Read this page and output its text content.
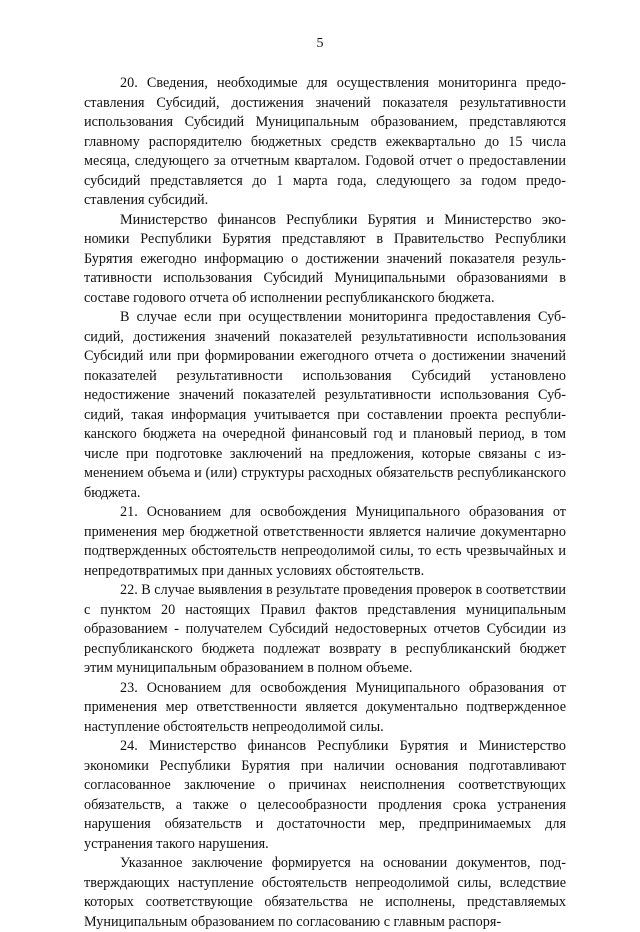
5

20. Сведения, необходимые для осуществления мониторинга предоставления Субсидий, достижения значений показателя результативности использования Субсидий Муниципальным образованием, представляются главному распорядителю бюджетных средств ежеквартально до 15 числа месяца, следующего за отчетным кварталом. Годовой отчет о предоставлении субсидий представляется до 1 марта года, следующего за годом предоставления субсидий.

Министерство финансов Республики Бурятия и Министерство экономики Республики Бурятия представляют в Правительство Республики Бурятия ежегодно информацию о достижении значений показателя результативности использования Субсидий Муниципальными образованиями в составе годового отчета об исполнении республиканского бюджета.

В случае если при осуществлении мониторинга предоставления Субсидий, достижения значений показателей результативности использования Субсидий или при формировании ежегодного отчета о достижении значений показателей результативности использования Субсидий установлено недостижение значений показателей результативности использования Субсидий, такая информация учитывается при составлении проекта республиканского бюджета на очередной финансовый год и плановый период, в том числе при подготовке заключений на предложения, которые связаны с изменением объема и (или) структуры расходных обязательств республиканского бюджета.

21. Основанием для освобождения Муниципального образования от применения мер бюджетной ответственности является наличие документарно подтвержденных обстоятельств непреодолимой силы, то есть чрезвычайных и непредотвратимых при данных условиях обстоятельств.

22. В случае выявления в результате проведения проверок в соответствии с пунктом 20 настоящих Правил фактов представления муниципальным образованием - получателем Субсидий недостоверных отчетов Субсидии из республиканского бюджета подлежат возврату в республиканский бюджет этим муниципальным образованием в полном объеме.

23. Основанием для освобождения Муниципального образования от применения мер ответственности является документально подтвержденное наступление обстоятельств непреодолимой силы.

24. Министерство финансов Республики Бурятия и Министерство экономики Республики Бурятия при наличии основания подготавливают согласованное заключение о причинах неисполнения соответствующих обязательств, а также о целесообразности продления срока устранения нарушения обязательств и достаточности мер, предпринимаемых для устранения такого нарушения.

Указанное заключение формируется на основании документов, подтверждающих наступление обстоятельств непреодолимой силы, вследствие которых соответствующие обязательства не исполнены, представляемых Муниципальным образованием по согласованию с главным распоря-
